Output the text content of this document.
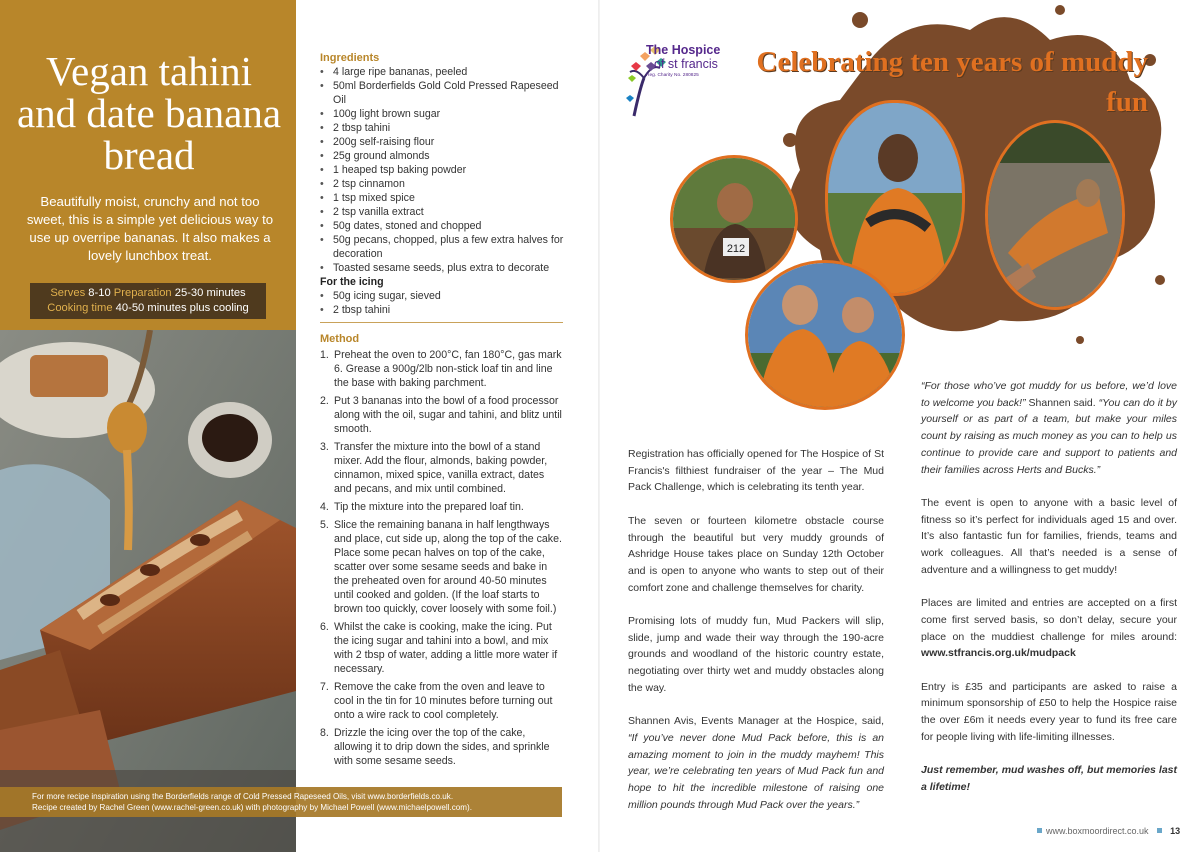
Vegan tahini and date banana bread
Beautifully moist, crunchy and not too sweet, this is a simple yet delicious way to use up overripe bananas. It also makes a lovely lunchbox treat.
Serves 8-10 Preparation 25-30 minutes
Cooking time 40-50 minutes plus cooling
Ingredients
• 4 large ripe bananas, peeled
• 50ml Borderfields Gold Cold Pressed Rapeseed Oil
• 100g light brown sugar
• 2 tbsp tahini
• 200g self-raising flour
• 25g ground almonds
• 1 heaped tsp baking powder
• 2 tsp cinnamon
• 1 tsp mixed spice
• 2 tsp vanilla extract
• 50g dates, stoned and chopped
• 50g pecans, chopped, plus a few extra halves for decoration
• Toasted sesame seeds, plus extra to decorate
For the icing
• 50g icing sugar, sieved
• 2 tbsp tahini
Method
1. Preheat the oven to 200°C, fan 180°C, gas mark 6. Grease a 900g/2lb non-stick loaf tin and line the base with baking parchment.
2. Put 3 bananas into the bowl of a food processor along with the oil, sugar and tahini, and blitz until smooth.
3. Transfer the mixture into the bowl of a stand mixer. Add the flour, almonds, baking powder, cinnamon, mixed spice, vanilla extract, dates and pecans, and mix until combined.
4. Tip the mixture into the prepared loaf tin.
5. Slice the remaining banana in half lengthways and place, cut side up, along the top of the cake. Place some pecan halves on top of the cake, scatter over some sesame seeds and bake in the preheated oven for around 40-50 minutes until cooked and golden. (If the loaf starts to brown too quickly, cover loosely with some foil.)
6. Whilst the cake is cooking, make the icing. Put the icing sugar and tahini into a bowl, and mix with 2 tbsp of water, adding a little more water if necessary.
7. Remove the cake from the oven and leave to cool in the tin for 10 minutes before turning out onto a wire rack to cool completely.
8. Drizzle the icing over the top of the cake, allowing it to drip down the sides, and sprinkle with some sesame seeds.
For more recipe inspiration using the Borderfields range of Cold Pressed Rapeseed Oils, visit www.borderfields.co.uk.
Recipe created by Rachel Green (www.rachel-green.co.uk) with photography by Michael Powell (www.michaelpowell.com).
The Hospice
of st francis
Reg. Charity No. 280825 Celebrating ten years of muddy fun
212

Registration has officially opened for The Hospice of St Francis's filthiest fundraiser of the year – The Mud Pack Challenge, which is celebrating its tenth year.

The seven or fourteen kilometre obstacle course through the beautiful but very muddy grounds of Ashridge House takes place on Sunday 12th October and is open to anyone who wants to step out of their comfort zone and challenge themselves for charity.

Promising lots of muddy fun, Mud Packers will slip, slide, jump and wade their way through the 190-acre grounds and woodland of the historic country estate, negotiating over thirty wet and muddy obstacles along the way.

Shannen Avis, Events Manager at the Hospice, said, “If you’ve never done Mud Pack before, this is an amazing moment to join in the muddy mayhem! This year, we’re celebrating ten years of Mud Pack fun and hope to hit the incredible milestone of raising one million pounds through Mud Pack over the years.”

“For those who’ve got muddy for us before, we’d love to welcome you back!” Shannen said. “You can do it by yourself or as part of a team, but make your miles count by raising as much money as you can to help us continue to provide care and support to patients and their families across Herts and Bucks.”

The event is open to anyone with a basic level of fitness so it’s perfect for individuals aged 15 and over. It’s also fantastic fun for families, friends, teams and work colleagues. All that’s needed is a sense of adventure and a willingness to get muddy!

Places are limited and entries are accepted on a first come first served basis, so don’t delay, secure your place on the muddiest challenge for miles around: www.stfrancis.org.uk/mudpack

Entry is £35 and participants are asked to raise a minimum sponsorship of £50 to help the Hospice raise the over £6m it needs every year to fund its free care for people living with life-limiting illnesses.

Just remember, mud washes off, but memories last a lifetime!

www.boxmoordirect.co.uk 13
